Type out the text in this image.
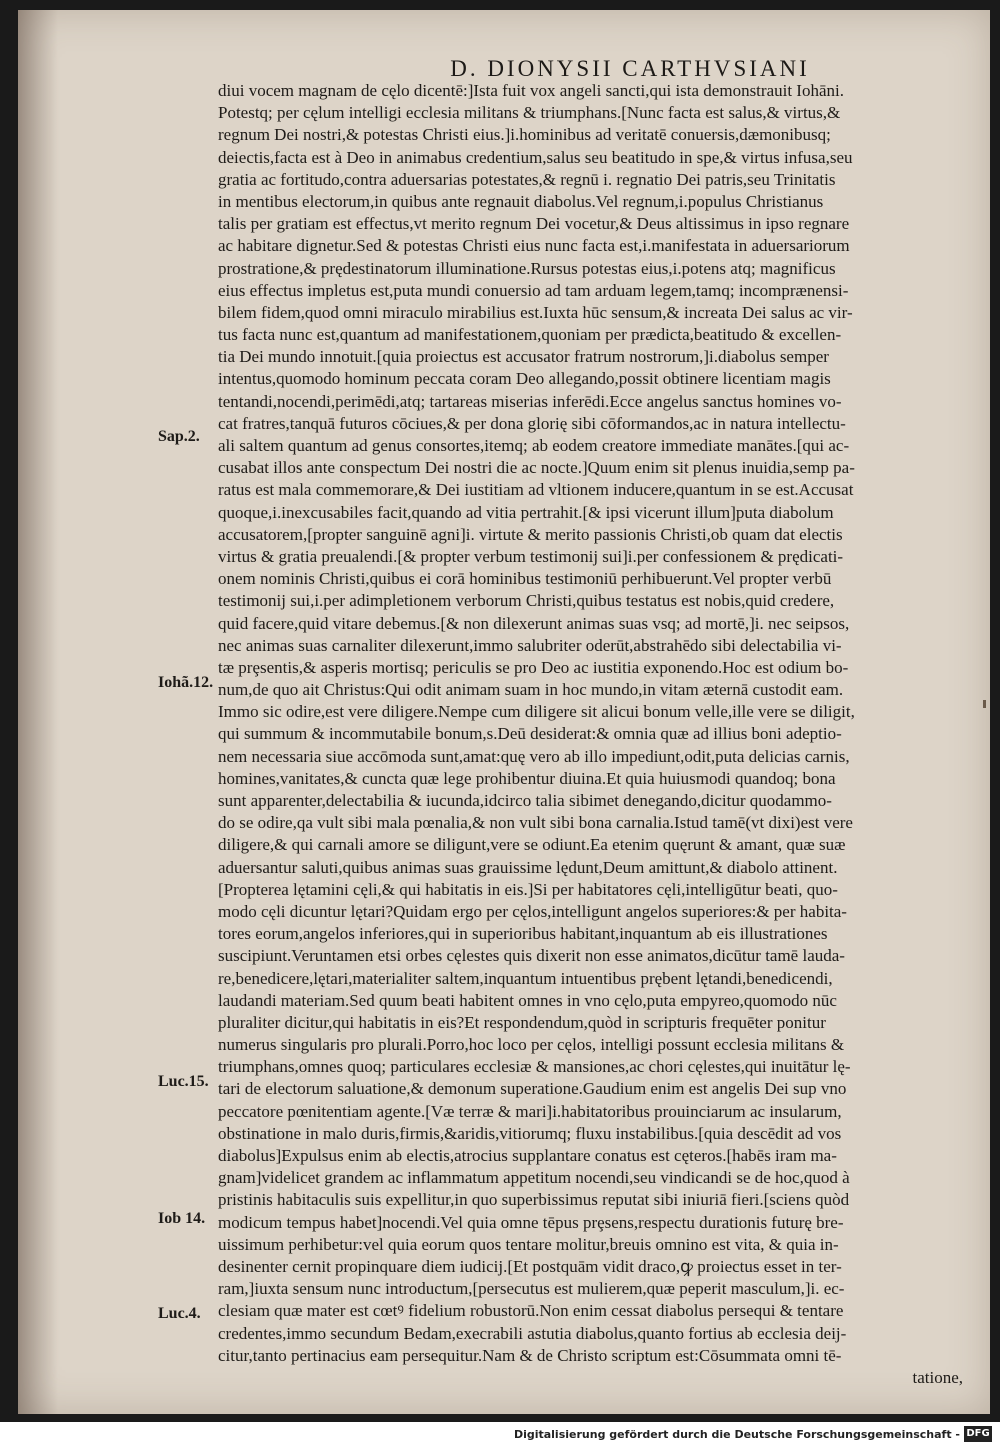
D. DIONYSII CARTHVSIANI
Sap.2.
Iohã.12.
Luc.15.
Iob 14.
Luc.4.
diui vocem magnam de cęlo dicentē:]Ista fuit vox angeli sancti,qui ista demonstrauit Iohāni.
Potestq; per cęlum intelligi ecclesia militans & triumphans.[Nunc facta est salus,& virtus,&
regnum Dei nostri,& potestas Christi eius.]i.hominibus ad veritatē conuersis,dæmonibusq;
deiectis,facta est à Deo in animabus credentium,salus seu beatitudo in spe,& virtus infusa,seu
gratia ac fortitudo,contra aduersarias potestates,& regnū i. regnatio Dei patris,seu Trinitatis
in mentibus electorum,in quibus ante regnauit diabolus.Vel regnum,i.populus Christianus
talis per gratiam est effectus,vt merito regnum Dei vocetur,& Deus altissimus in ipso regnare
ac habitare dignetur.Sed & potestas Christi eius nunc facta est,i.manifestata in aduersariorum
prostratione,& prędestinatorum illuminatione.Rursus potestas eius,i.potens atq; magnificus
eius effectus impletus est,puta mundi conuersio ad tam arduam legem,tamq; incomprænensi-
bilem fidem,quod omni miraculo mirabilius est.Iuxta hūc sensum,& increata Dei salus ac vir-
tus facta nunc est,quantum ad manifestationem,quoniam per prædicta,beatitudo & excellen-
tia Dei mundo innotuit.[quia proiectus est accusator fratrum nostrorum,]i.diabolus semper
intentus,quomodo hominum peccata coram Deo allegando,possit obtinere licentiam magis
tentandi,nocendi,perimēdi,atq; tartareas miserias inferēdi.Ecce angelus sanctus homines vo-
cat fratres,tanquā futuros cōciues,& per dona glorię sibi cōformandos,ac in natura intellectu-
ali saltem quantum ad genus consortes,itemq; ab eodem creatore immediate manātes.[qui ac-
cusabat illos ante conspectum Dei nostri die ac nocte.]Quum enim sit plenus inuidia,semp pa-
ratus est mala commemorare,& Dei iustitiam ad vltionem inducere,quantum in se est.Accusat
quoque,i.inexcusabiles facit,quando ad vitia pertrahit.[& ipsi vicerunt illum]puta diabolum
accusatorem,[propter sanguinē agni]i. virtute & merito passionis Christi,ob quam dat electis
virtus & gratia preualendi.[& propter verbum testimonij sui]i.per confessionem & prędicati-
onem nominis Christi,quibus ei corā hominibus testimoniū perhibuerunt.Vel propter verbū
testimonij sui,i.per adimpletionem verborum Christi,quibus testatus est nobis,quid credere,
quid facere,quid vitare debemus.[& non dilexerunt animas suas vsq; ad mortē,]i. nec seipsos,
nec animas suas carnaliter dilexerunt,immo salubriter oderūt,abstrahēdo sibi delectabilia vi-
tæ prȩsentis,& asperis mortisq; periculis se pro Deo ac iustitia exponendo.Hoc est odium bo-
num,de quo ait Christus:Qui odit animam suam in hoc mundo,in vitam æternā custodit eam.
Immo sic odire,est vere diligere.Nempe cum diligere sit alicui bonum velle,ille vere se diligit,
qui summum & incommutabile bonum,s.Deū desiderat:& omnia quæ ad illius boni adeptio-
nem necessaria siue accōmoda sunt,amat:quę vero ab illo impediunt,odit,puta delicias carnis,
homines,vanitates,& cuncta quæ lege prohibentur diuina.Et quia huiusmodi quandoq; bona
sunt apparenter,delectabilia & iucunda,idcirco talia sibimet denegando,dicitur quodammo-
do se odire,qa vult sibi mala pœnalia,& non vult sibi bona carnalia.Istud tamē(vt dixi)est vere
diligere,& qui carnali amore se diligunt,vere se odiunt.Ea etenim quęrunt & amant, quæ suæ
aduersantur saluti,quibus animas suas grauissime lędunt,Deum amittunt,& diabolo attinent.
[Propterea lętamini cęli,& qui habitatis in eis.]Si per habitatores cęli,intelligūtur beati, quo-
modo cęli dicuntur lętari?Quidam ergo per cęlos,intelligunt angelos superiores:& per habita-
tores eorum,angelos inferiores,qui in superioribus habitant,inquantum ab eis illustrationes
suscipiunt.Veruntamen etsi orbes cęlestes quis dixerit non esse animatos,dicūtur tamē lauda-
re,benedicere,lętari,materialiter saltem,inquantum intuentibus prębent lętandi,benedicendi,
laudandi materiam.Sed quum beati habitent omnes in vno cęlo,puta empyreo,quomodo nūc
pluraliter dicitur,qui habitatis in eis?Et respondendum,quòd in scripturis frequēter ponitur
numerus singularis pro plurali.Porro,hoc loco per cęlos, intelligi possunt ecclesia militans &
triumphans,omnes quoq; particulares ecclesiæ & mansiones,ac chori cęlestes,qui inuitātur lę-
tari de electorum saluatione,& demonum superatione.Gaudium enim est angelis Dei sup vno
peccatore pœnitentiam agente.[Væ terræ & mari]i.habitatoribus prouinciarum ac insularum,
obstinatione in malo duris,firmis,&aridis,vitiorumq; fluxu instabilibus.[quia descēdit ad vos
diabolus]Expulsus enim ab electis,atrocius supplantare conatus est cęteros.[habēs iram ma-
gnam]videlicet grandem ac inflammatum appetitum nocendi,seu vindicandi se de hoc,quod à
pristinis habitaculis suis expellitur,in quo superbissimus reputat sibi iniuriā fieri.[sciens quòd
modicum tempus habet]nocendi.Vel quia omne tēpus prȩsens,respectu durationis futurę bre-
uissimum perhibetur:vel quia eorum quos tentare molitur,breuis omnino est vita, & quia in-
desinenter cernit propinquare diem iudicij.[Et postquām vidit draco,ꝙ proiectus esset in ter-
ram,]iuxta sensum nunc introductum,[persecutus est mulierem,quæ peperit masculum,]i. ec-
clesiam quæ mater est cœtꝰ fidelium robustorū.Non enim cessat diabolus persequi & tentare
credentes,immo secundum Bedam,execrabili astutia diabolus,quanto fortius ab ecclesia deij-
citur,tanto pertinacius eam persequitur.Nam & de Christo scriptum est:Cōsummata omni tē-
tatione,
Digitalisierung gefördert durch die Deutsche Forschungsgemeinschaft - DFG
